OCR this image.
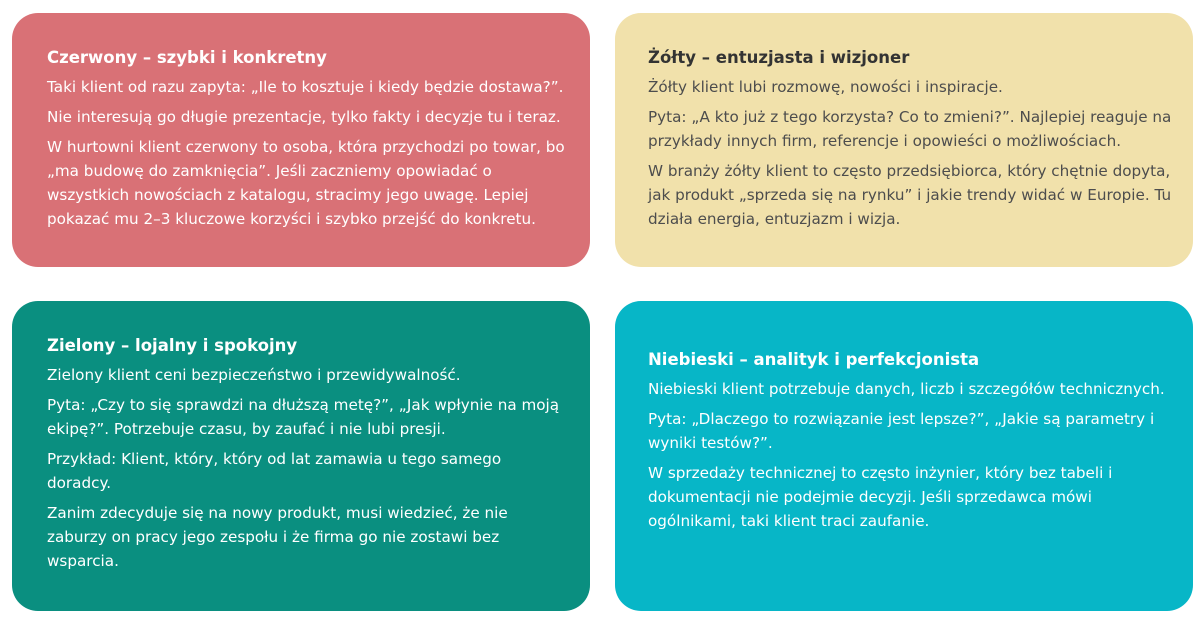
Czerwony – szybki i konkretny

Taki klient od razu zapyta: „Ile to kosztuje i kiedy będzie dostawa?”.

Nie interesują go długie prezentacje, tylko fakty i decyzje tu i teraz.

W hurtowni klient czerwony to osoba, która przychodzi po towar, bo „ma budowę do zamknięcia”. Jeśli zaczniemy opowiadać o wszystkich nowościach z katalogu, stracimy jego uwagę. Lepiej pokazać mu 2–3 kluczowe korzyści i szybko przejść do konkretu.

Żółty – entuzjasta i wizjoner

Żółty klient lubi rozmowę, nowości i inspiracje.

Pyta: „A kto już z tego korzysta? Co to zmieni?”. Najlepiej reaguje na przykłady innych firm, referencje i opowieści o możliwościach.

W branży żółty klient to często przedsiębiorca, który chętnie dopyta, jak produkt „sprzeda się na rynku” i jakie trendy widać w Europie. Tu działa energia, entuzjazm i wizja.

Zielony – lojalny i spokojny

Zielony klient ceni bezpieczeństwo i przewidywalność.

Pyta: „Czy to się sprawdzi na dłuższą metę?”, „Jak wpłynie na moją ekipę?”. Potrzebuje czasu, by zaufać i nie lubi presji.

Przykład: Klient, który, który od lat zamawia u tego samego doradcy.

Zanim zdecyduje się na nowy produkt, musi wiedzieć, że nie zaburzy on pracy jego zespołu i że firma go nie zostawi bez wsparcia.

Niebieski – analityk i perfekcjonista

Niebieski klient potrzebuje danych, liczb i szczegółów technicznych.

Pyta: „Dlaczego to rozwiązanie jest lepsze?”, „Jakie są parametry i wyniki testów?”.

W sprzedaży technicznej to często inżynier, który bez tabeli i dokumentacji nie podejmie decyzji. Jeśli sprzedawca mówi ogólnikami, taki klient traci zaufanie.
